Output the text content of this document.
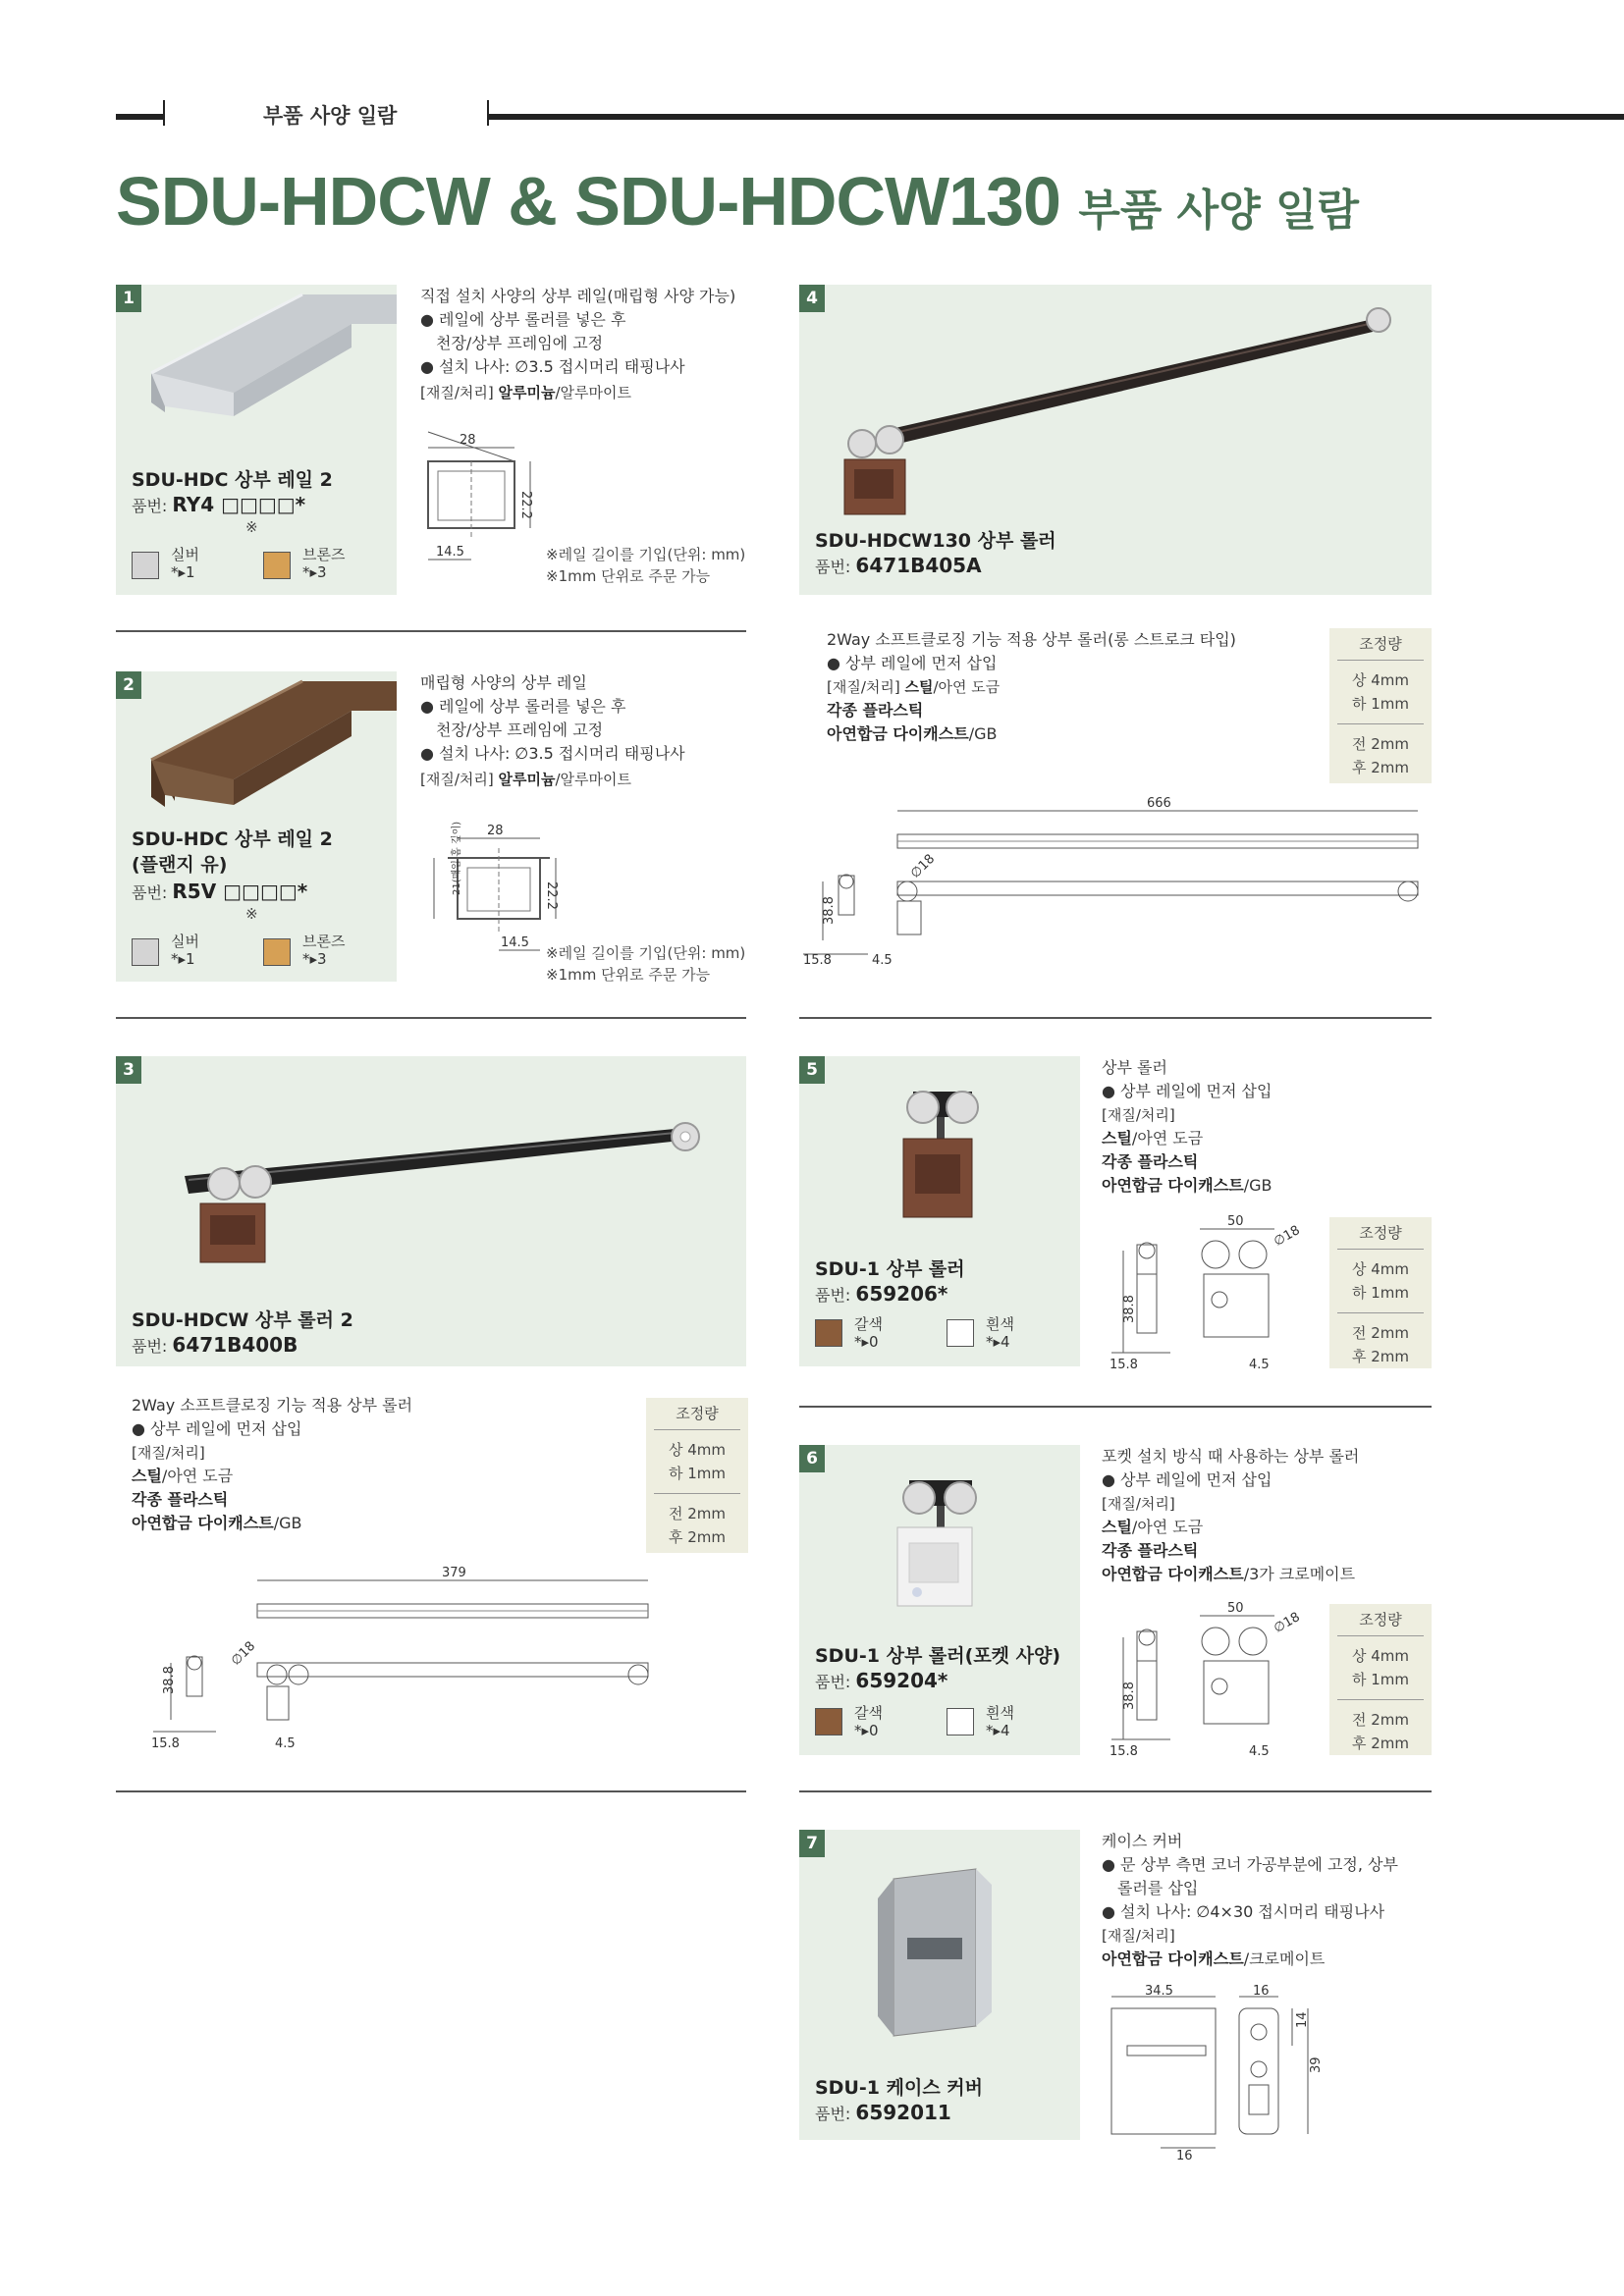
부품 사양 일람
SDU-HDCW & SDU-HDCW130 부품 사양 일람
1
SDU-HDC 상부 레일 2
품번: RY4 □□□□*
※
실버
*▸1
브론즈
*▸3
직접 설치 사양의 상부 레일(매립형 사양 가능)
● 레일에 상부 롤러를 넣은 후
천장/상부 프레임에 고정
● 설치 나사: ∅3.5 접시머리 태핑나사
[재질/처리] 알루미늄/알루마이트
28
22.2
14.5	※레일 길이를 기입(단위: mm)
※1mm 단위로 주문 가능
2
SDU-HDC 상부 레일 2
(플랜지 유)
품번: R5V □□□□*
※
실버
*▸1
브론즈
*▸3
매립형 사양의 상부 레일
● 레일에 상부 롤러를 넣은 후
천장/상부 프레임에 고정
● 설치 나사: ∅3.5 접시머리 태핑나사
[재질/처리] 알루미늄/알루마이트
28
22.2
21(매입 홈 깊이)
14.5
※레일 길이를 기입(단위: mm)
※1mm 단위로 주문 가능
3
SDU-HDCW 상부 롤러 2
품번: 6471B400B
2Way 소프트클로징 기능 적용 상부 롤러
● 상부 레일에 먼저 삽입
[재질/처리]
스틸/아연 도금
각종 플라스틱
아연합금 다이캐스트/GB
조정량
상 4mm
하 1mm
전 2mm
후 2mm
379
38.8
15.8	4.5
∅18
4
SDU-HDCW130 상부 롤러
품번: 6471B405A
2Way 소프트클로징 기능 적용 상부 롤러(롱 스트로크 타입)
● 상부 레일에 먼저 삽입
[재질/처리] 스틸/아연 도금
각종 플라스틱
아연합금 다이캐스트/GB
조정량
상 4mm
하 1mm
전 2mm
후 2mm
666
38.8
15.8	4.5
∅18
5
SDU-1 상부 롤러
품번: 659206*
갈색
*▸0
흰색
*▸4
상부 롤러
● 상부 레일에 먼저 삽입
[재질/처리]
스틸/아연 도금
각종 플라스틱
아연합금 다이캐스트/GB
조정량
상 4mm
하 1mm
전 2mm
후 2mm
50
∅18
38.8
15.8	4.5
6
SDU-1 상부 롤러(포켓 사양)
품번: 659204*
갈색
*▸0
흰색
*▸4
포켓 설치 방식 때 사용하는 상부 롤러
● 상부 레일에 먼저 삽입
[재질/처리]
스틸/아연 도금
각종 플라스틱
아연합금 다이캐스트/3가 크로메이트
조정량
상 4mm
하 1mm
전 2mm
후 2mm
50
∅18
38.8
15.8	4.5
7
SDU-1 케이스 커버
품번: 6592011
케이스 커버
● 문 상부 측면 코너 가공부분에 고정, 상부
롤러를 삽입
● 설치 나사: ∅4×30 접시머리 태핑나사
[재질/처리]
아연합금 다이캐스트/크로메이트
34.5
16
16
14
39
